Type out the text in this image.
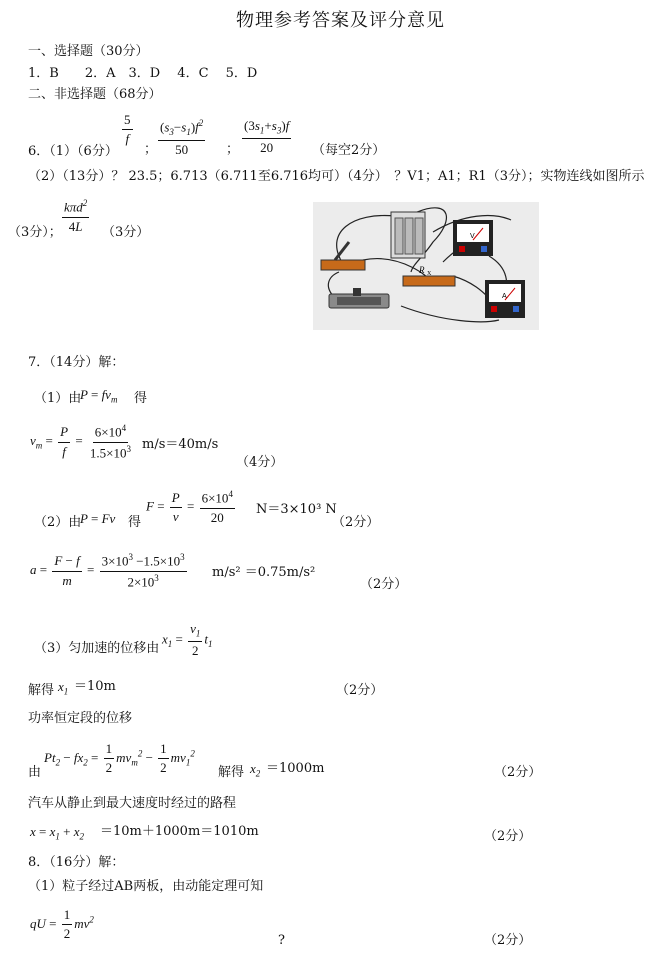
物理参考答案及评分意见
一、选择题（30分）
1．B　　2．A　3．D　 4．C　 5．D
二、非选择题（68分）
6．（1）（6分）
$\frac{5}{f}$
； $\frac{(s_3-s_1)f^2}{50}$ ； $\frac{(3s_1+s_3)f}{20}$ （每空2分）
（2）（13分）？ 23.5；6.713（6.711至6.716均可）（4分）　？V1；A1；R1（3分）；实物连线如图所示
（3分）； $\frac{k\pi d^2}{4L} (3$分）
R X
V
A
7．（14分）解：
（1）由
$P = fv_m$ 得
$v_m = \frac{P}{f} = \frac{6\times 10^4}{1.5\times 10^3} m/s=40m/s$
（4分）
（2）由
P = Fv 得
$F = \frac{P}{v} = \frac{6\times 10^4}{20} N=3\times 10^3$ N
（2分）
$a = \frac{F - f}{m} = \frac{3\times 10^3 -1.5\times 10^3}{2\times 10^3} m/s^2 =0.75m/s^2$
（2分）
（3）匀加速的位移由
$x_1 = \frac{v_1}{2} t_1$
解得 $x_1 =10m$	（2分）
功率恒定段的位移
由
$Pt_2 - fx_2 = \frac{1}{2} mv_m^2 - \frac{1}{2} mv_1^2$
解得 $x_2 =1000m$	（2分）
汽车从静止到最大速度时经过的路程
$x = x_1 + x_2 =10m+1000m=1010m$	（2分）
8．（16分）解：
（1）粒子经过AB两板，由动能定理可知
qU = $\frac{1}{2} mv^2$
?	（2分）
